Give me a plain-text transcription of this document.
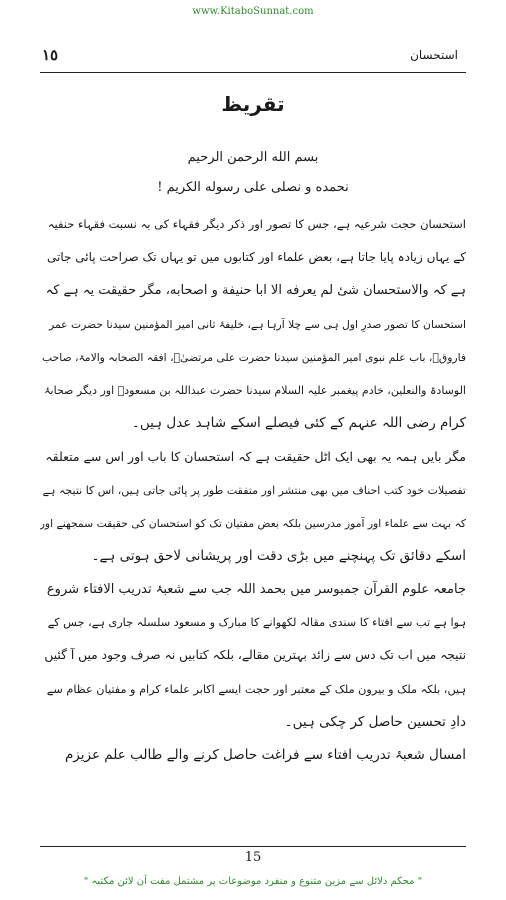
www.KitaboSunnat.com
١٥	استحسان
تقریظ
بسم الله الرحمن الرحیم
نحمده و نصلی علی رسوله الکریم !
استحسان حجت شرعیہ ہے، جس کا تصور اور ذکر دیگر فقہاء کی بہ نسبت فقہاء حنفیہ
کے یہاں زیادہ پایا جاتا ہے، بعض علماء اور کتابوں میں تو یہاں تک صراحت پائی جاتی
ہے کہ والاستحسان شیٔ لم یعرفه الا ابا حنیفة و اصحابه، مگر حقیقت یہ ہے کہ
استحسان کا تصور صدرِ اول ہی سے چلا آرہا ہے، خلیفۂ ثانی امیر المؤمنین سیدنا حضرت عمر
فاروقؓ، باب علم نبوی امیر المؤمنین سیدنا حضرت علی مرتضیٰؓ، افقہ الصحابہ والامۃ، صاحب
الوسادۃ والنعلین، خادم پیغمبر علیہ السلام سیدنا حضرت عبداللہ بن مسعودؓ اور دیگر صحابۂ
کرام رضی اللہ عنہم کے کئی فیصلے اسکے شاہد عدل ہیں۔
مگر بایں ہمہ یہ بھی ایک اٹل حقیقت ہے کہ استحسان کا باب اور اس سے متعلقہ
تفصیلات خود کتب احناف میں بھی منتشر اور متفقت طور پر پائی جاتی ہیں، اس کا نتیجہ ہے
کہ بہت سے علماء اور آموز مدرسین بلکہ بعض مفتیان تک کو استحسان کی حقیقت سمجھنے اور
اسکے دقائق تک پہنچنے میں بڑی دقت اور پریشانی لاحق ہوتی ہے۔
جامعہ علوم القرآن جمبوسر میں بحمد اللہ جب سے شعبۂ تدریب الافتاء شروع
ہوا ہے تب سے افتاء کا سندی مقالہ لکھوانے کا مبارک و مسعود سلسلہ جاری ہے، جس کے
نتیجہ میں اب تک دس سے زائد بہترین مقالے، بلکہ کتابیں نہ صرف وجود میں آ گئیں
ہیں، بلکہ ملک و بیرون ملک کے معتبر اور حجت ایسے اکابر علماء کرام و مفتیان عظام سے
دادِ تحسین حاصل کر چکی ہیں۔
امسال شعبۂ تدریب افتاء سے فراغت حاصل کرنے والے طالب علم عزیزم
15
" محکم دلائل سے مزین متنوع و منفرد موضوعات پر مشتمل مفت آن لائن مکتبہ "
